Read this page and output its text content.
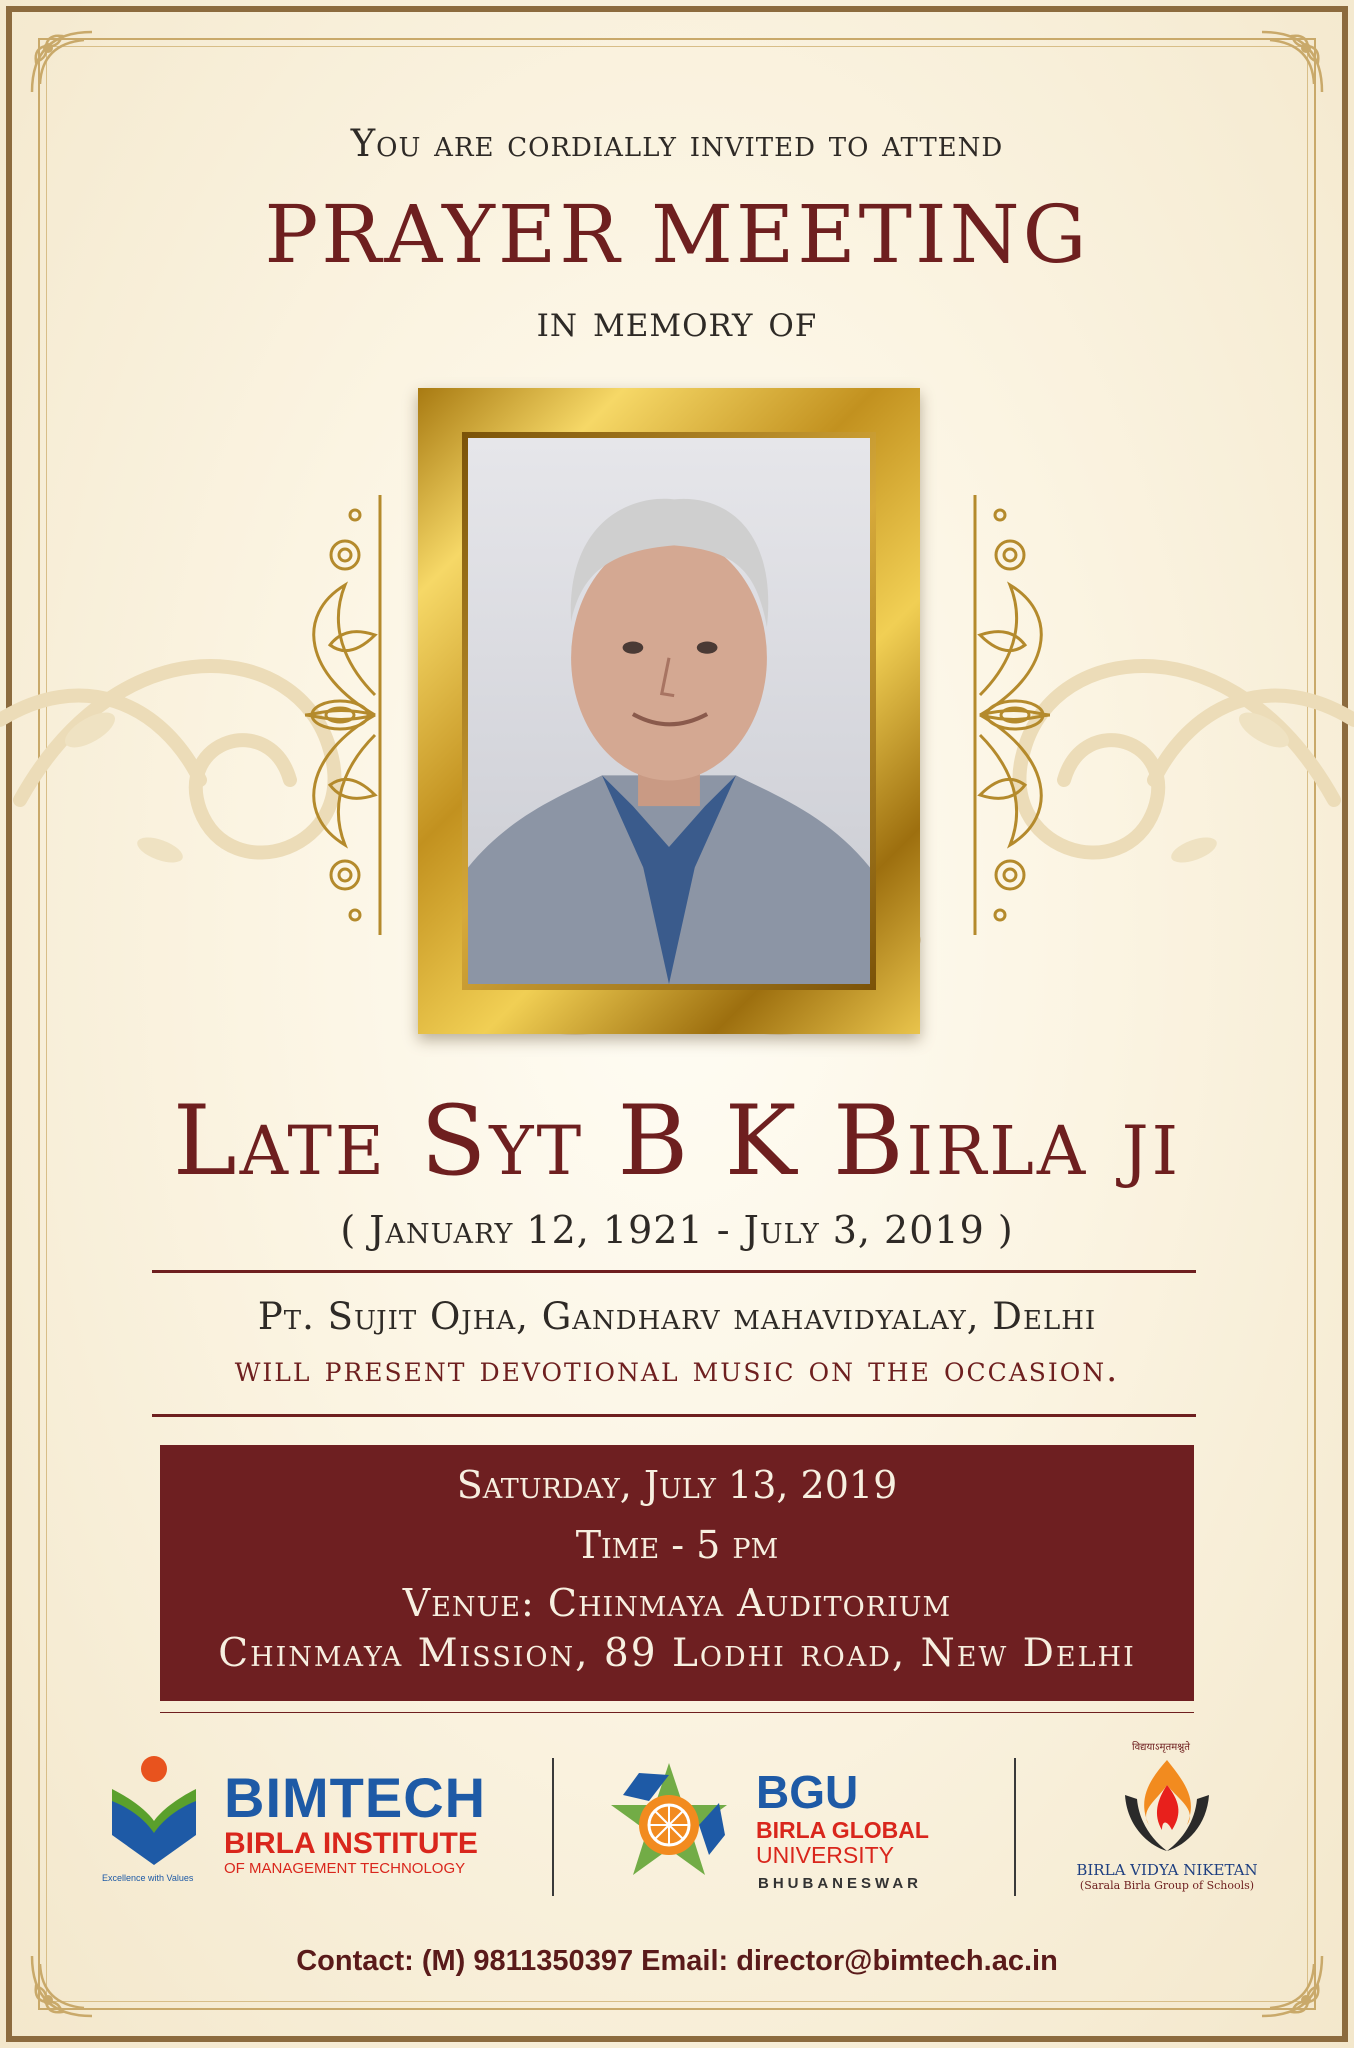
You are cordially invited to attend
PRAYER MEETING
in memory of
Late Syt B K Birla ji
( January 12, 1921 - July 3, 2019 )
Pt. Sujit Ojha, Gandharv mahavidyalay, Delhi
will present devotional music on the occasion.
Saturday, July 13, 2019
Time - 5 pm
Venue: Chinmaya Auditorium
Chinmaya Mission, 89 Lodhi road, New Delhi
BIMTECH
BIRLA INSTITUTE
OF MANAGEMENT TECHNOLOGY
Excellence with Values
BGU
BIRLA GLOBAL
UNIVERSITY
BHUBANESWAR
विद्ययाऽमृतमश्नुते
BIRLA VIDYA NIKETAN
(Sarala Birla Group of Schools)
Contact: (M) 9811350397 Email: director@bimtech.ac.in
